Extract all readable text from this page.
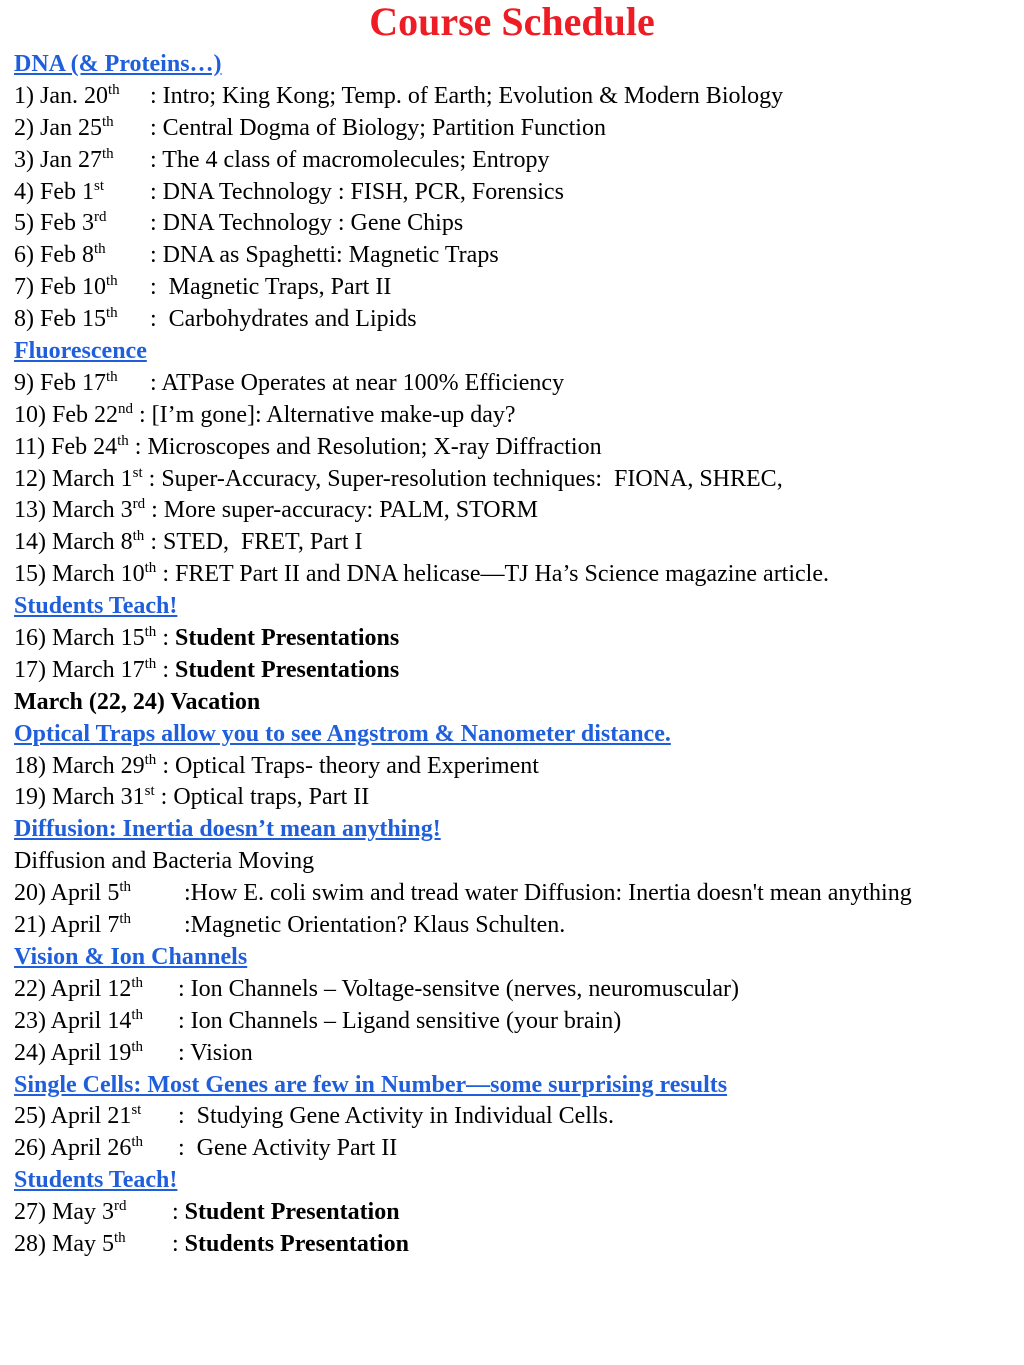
Course Schedule
DNA (& Proteins…)
1) Jan. 20th : Intro; King Kong; Temp. of Earth; Evolution & Modern Biology
2) Jan 25th : Central Dogma of Biology; Partition Function
3) Jan 27th : The 4 class of macromolecules; Entropy
4) Feb 1st : DNA Technology : FISH, PCR, Forensics
5) Feb 3rd : DNA Technology : Gene Chips
6) Feb 8th : DNA as Spaghetti: Magnetic Traps
7) Feb 10th :  Magnetic Traps, Part II
8) Feb 15th :  Carbohydrates and Lipids
Fluorescence
9) Feb 17th : ATPase Operates at near 100% Efficiency
10) Feb 22nd : [I’m gone]: Alternative make-up day?
11) Feb 24th : Microscopes and Resolution; X-ray Diffraction
12) March 1st : Super-Accuracy, Super-resolution techniques:  FIONA, SHREC,
13) March 3rd : More super-accuracy: PALM, STORM
14) March 8th : STED,  FRET, Part I
15) March 10th : FRET Part II and DNA helicase—TJ Ha’s Science magazine article.
Students Teach!
16) March 15th : Student Presentations
17) March 17th : Student Presentations
March (22, 24) Vacation
Optical Traps allow you to see Angstrom & Nanometer distance.
18) March 29th : Optical Traps- theory and Experiment
19) March 31st : Optical traps, Part II
Diffusion: Inertia doesn’t mean anything!
Diffusion and Bacteria Moving
20) April 5th :How E. coli swim and tread water Diffusion: Inertia doesn't mean anything
21) April 7th :Magnetic Orientation? Klaus Schulten.
Vision & Ion Channels
22) April 12th : Ion Channels – Voltage-sensitve (nerves, neuromuscular)
23) April 14th : Ion Channels – Ligand sensitive (your brain)
24) April 19th : Vision
Single Cells: Most Genes are few in Number—some surprising results
25) April 21st :  Studying Gene Activity in Individual Cells.
26) April 26th :  Gene Activity Part II
Students Teach!
27) May 3rd : Student Presentation
28) May 5th : Students Presentation
